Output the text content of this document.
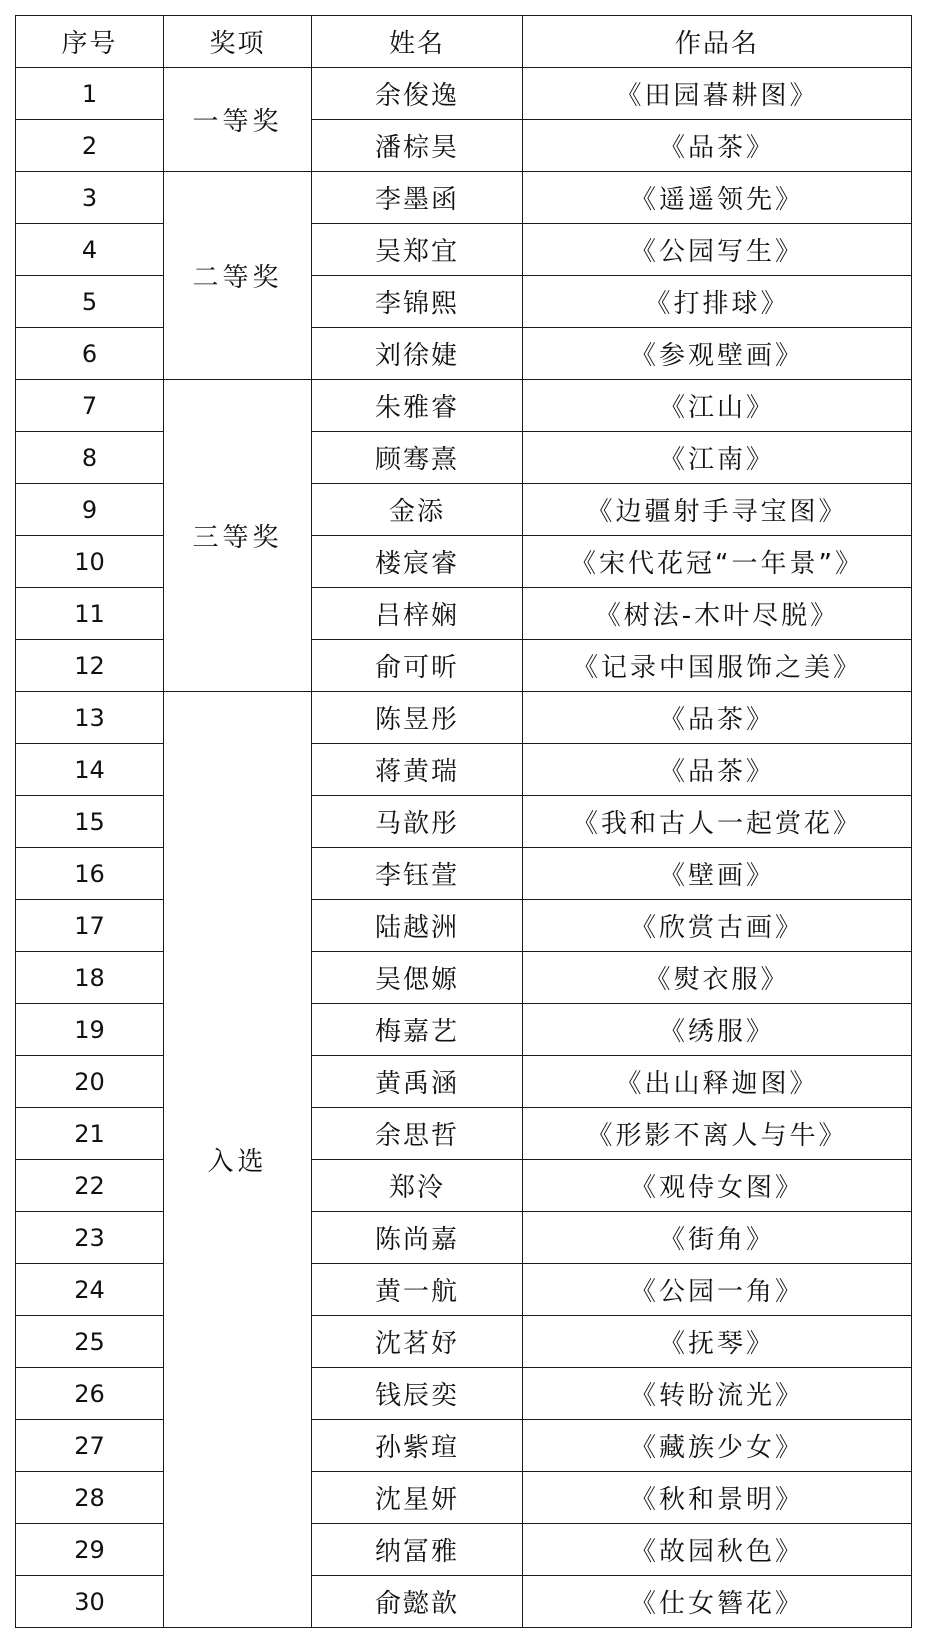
序号	奖项	姓名	作品名
1	一等奖	余俊逸	《田园暮耕图》
2		潘棕昊	《品茶》
3	二等奖	李墨函	《遥遥领先》
4		吴郑宜	《公园写生》
5		李锦熙	《打排球》
6		刘徐婕	《参观壁画》
7	三等奖	朱雅睿	《江山》
8		顾骞熹	《江南》
9		金添	《边疆射手寻宝图》
10		楼宸睿	《宋代花冠“一年景”》
11		吕梓娴	《树法-木叶尽脱》
12		俞可昕	《记录中国服饰之美》
13	入选	陈昱彤	《品茶》
14		蒋黄瑞	《品茶》
15		马歆彤	《我和古人一起赏花》
16		李钰萱	《壁画》
17		陆越洲	《欣赏古画》
18		吴偲嫄	《熨衣服》
19		梅嘉艺	《绣服》
20		黄禹涵	《出山释迦图》
21		余思哲	《形影不离人与牛》
22		郑泠	《观侍女图》
23		陈尚嘉	《街角》
24		黄一航	《公园一角》
25		沈茗妤	《抚琴》
26		钱辰奕	《转盼流光》
27		孙紫瑄	《藏族少女》
28		沈星妍	《秋和景明》
29		纳冨雅	《故园秋色》
30		俞懿歆	《仕女簪花》
